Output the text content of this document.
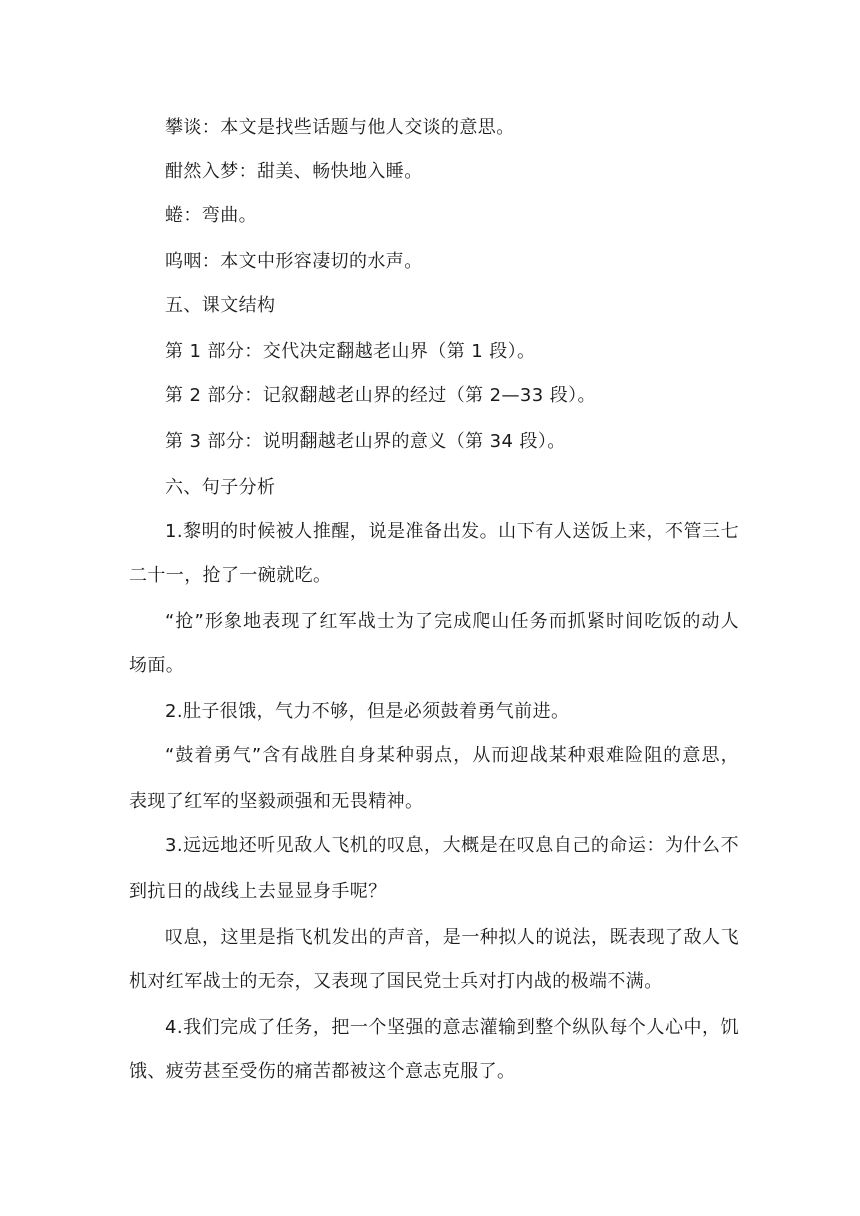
攀谈：本文是找些话题与他人交谈的意思。

酣然入梦：甜美、畅快地入睡。

蜷：弯曲。

呜咽：本文中形容凄切的水声。

五、课文结构

第 1 部分：交代决定翻越老山界（第 1 段）。

第 2 部分：记叙翻越老山界的经过（第 2—33 段）。

第 3 部分：说明翻越老山界的意义（第 34 段）。

六、句子分析

1.黎明的时候被人推醒，说是准备出发。山下有人送饭上来，不管三七

二十一，抢了一碗就吃。

“抢”形象地表现了红军战士为了完成爬山任务而抓紧时间吃饭的动人

场面。

2.肚子很饿，气力不够，但是必须鼓着勇气前进。

“鼓着勇气”含有战胜自身某种弱点，从而迎战某种艰难险阻的意思，

表现了红军的坚毅顽强和无畏精神。

3.远远地还听见敌人飞机的叹息，大概是在叹息自己的命运：为什么不

到抗日的战线上去显显身手呢？

叹息，这里是指飞机发出的声音，是一种拟人的说法，既表现了敌人飞

机对红军战士的无奈，又表现了国民党士兵对打内战的极端不满。

4.我们完成了任务，把一个坚强的意志灌输到整个纵队每个人心中，饥

饿、疲劳甚至受伤的痛苦都被这个意志克服了。
